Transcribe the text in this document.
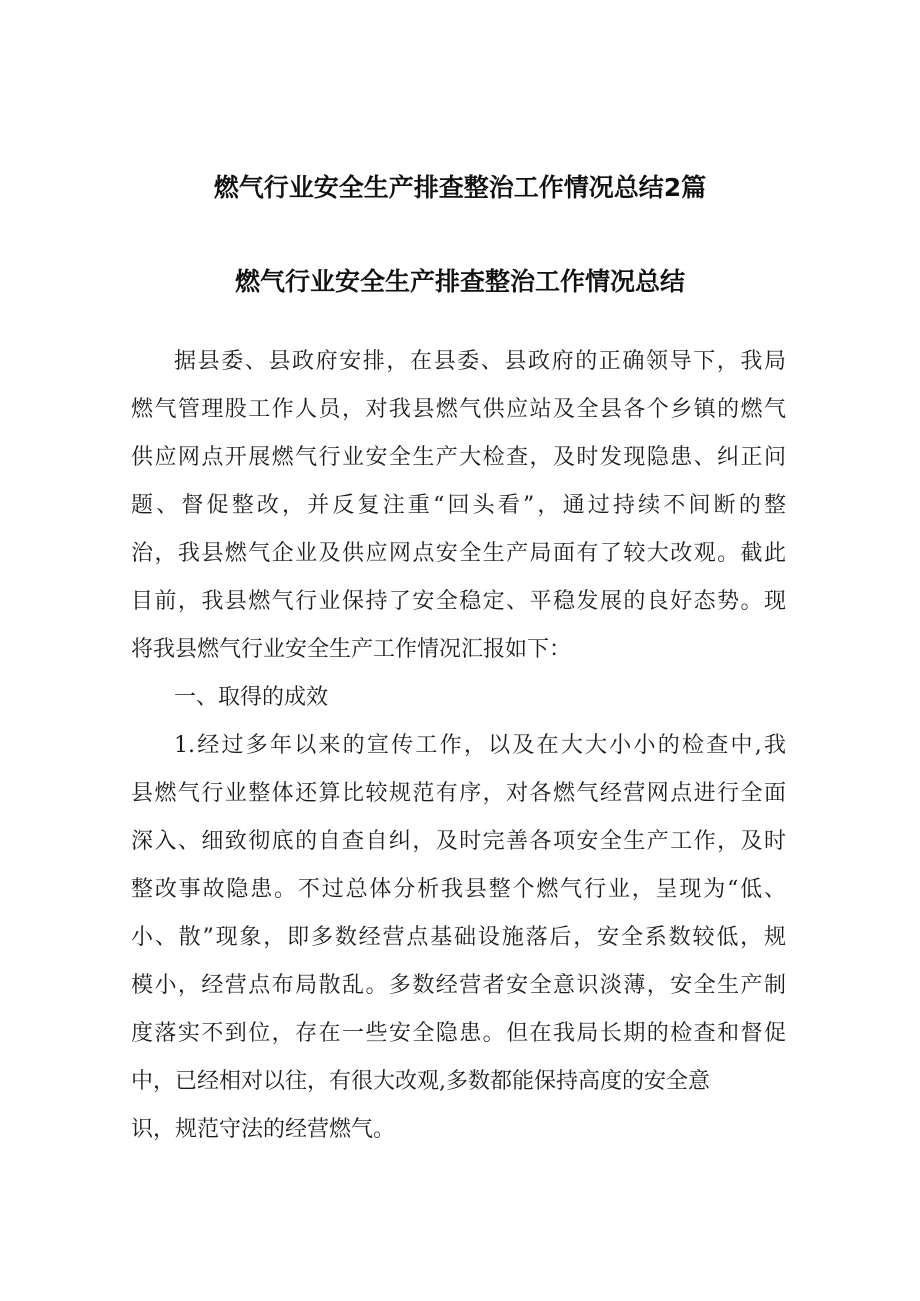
燃气行业安全生产排查整治工作情况总结2篇
燃气行业安全生产排查整治工作情况总结
据县委、县政府安排，在县委、县政府的正确领导下，我局
燃气管理股工作人员，对我县燃气供应站及全县各个乡镇的燃气
供应网点开展燃气行业安全生产大检查，及时发现隐患、纠正问
题、督促整改，并反复注重“回头看”，通过持续不间断的整
治，我县燃气企业及供应网点安全生产局面有了较大改观。截此
目前，我县燃气行业保持了安全稳定、平稳发展的良好态势。现
将我县燃气行业安全生产工作情况汇报如下：
一、取得的成效
1.经过多年以来的宣传工作，以及在大大小小的检查中,我
县燃气行业整体还算比较规范有序，对各燃气经营网点进行全面
深入、细致彻底的自查自纠，及时完善各项安全生产工作，及时
整改事故隐患。不过总体分析我县整个燃气行业，呈现为“低、
小、散”现象，即多数经营点基础设施落后，安全系数较低，规
模小，经营点布局散乱。多数经营者安全意识淡薄，安全生产制
度落实不到位，存在一些安全隐患。但在我局长期的检查和督促
中，已经相对以往，有很大改观,多数都能保持高度的安全意
识，规范守法的经营燃气。
